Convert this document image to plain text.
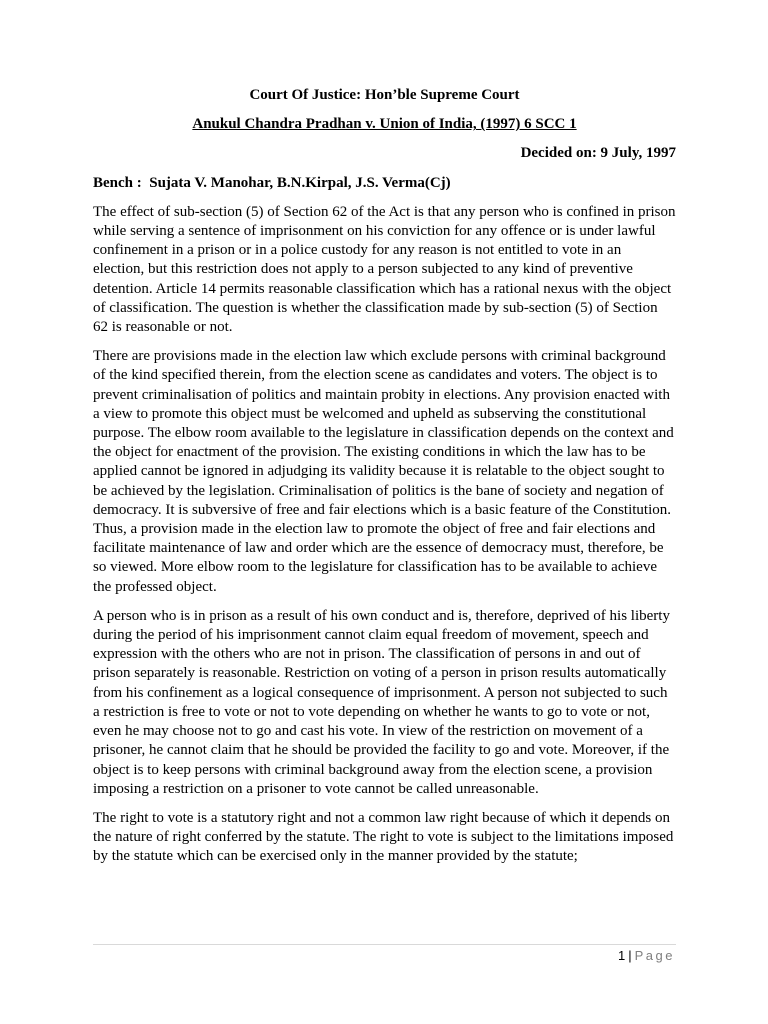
Court Of Justice: Hon’ble Supreme Court

Anukul Chandra Pradhan v. Union of India, (1997) 6 SCC 1

Decided on: 9 July, 1997

Bench :  Sujata V. Manohar, B.N.Kirpal, J.S. Verma(Cj)

The effect of sub-section (5) of Section 62 of the Act is that any person who is confined in prison while serving a sentence of imprisonment on his conviction for any offence or is under lawful confinement in a prison or in a police custody for any reason is not entitled to vote in an election, but this restriction does not apply to a person subjected to any kind of preventive detention. Article 14 permits reasonable classification which has a rational nexus with the object of classification. The question is whether the classification made by sub-section (5) of Section 62 is reasonable or not.

There are provisions made in the election law which exclude persons with criminal background of the kind specified therein, from the election scene as candidates and voters. The object is to prevent criminalisation of politics and maintain probity in elections. Any provision enacted with a view to promote this object must be welcomed and upheld as subserving the constitutional purpose. The elbow room available to the legislature in classification depends on the context and the object for enactment of the provision. The existing conditions in which the law has to be applied cannot be ignored in adjudging its validity because it is relatable to the object sought to be achieved by the legislation. Criminalisation of politics is the bane of society and negation of democracy. It is subversive of free and fair elections which is a basic feature of the Constitution. Thus, a provision made in the election law to promote the object of free and fair elections and facilitate maintenance of law and order which are the essence of democracy must, therefore, be so viewed. More elbow room to the legislature for classification has to be available to achieve the professed object.

A person who is in prison as a result of his own conduct and is, therefore, deprived of his liberty during the period of his imprisonment cannot claim equal freedom of movement, speech and expression with the others who are not in prison. The classification of persons in and out of prison separately is reasonable. Restriction on voting of a person in prison results automatically from his confinement as a logical consequence of imprisonment. A person not subjected to such a restriction is free to vote or not to vote depending on whether he wants to go to vote or not, even he may choose not to go and cast his vote. In view of the restriction on movement of a prisoner, he cannot claim that he should be provided the facility to go and vote. Moreover, if the object is to keep persons with criminal background away from the election scene, a provision imposing a restriction on a prisoner to vote cannot be called unreasonable.

The right to vote is a statutory right and not a common law right because of which it depends on the nature of right conferred by the statute. The right to vote is subject to the limitations imposed by the statute which can be exercised only in the manner provided by the statute;

1 | Page
